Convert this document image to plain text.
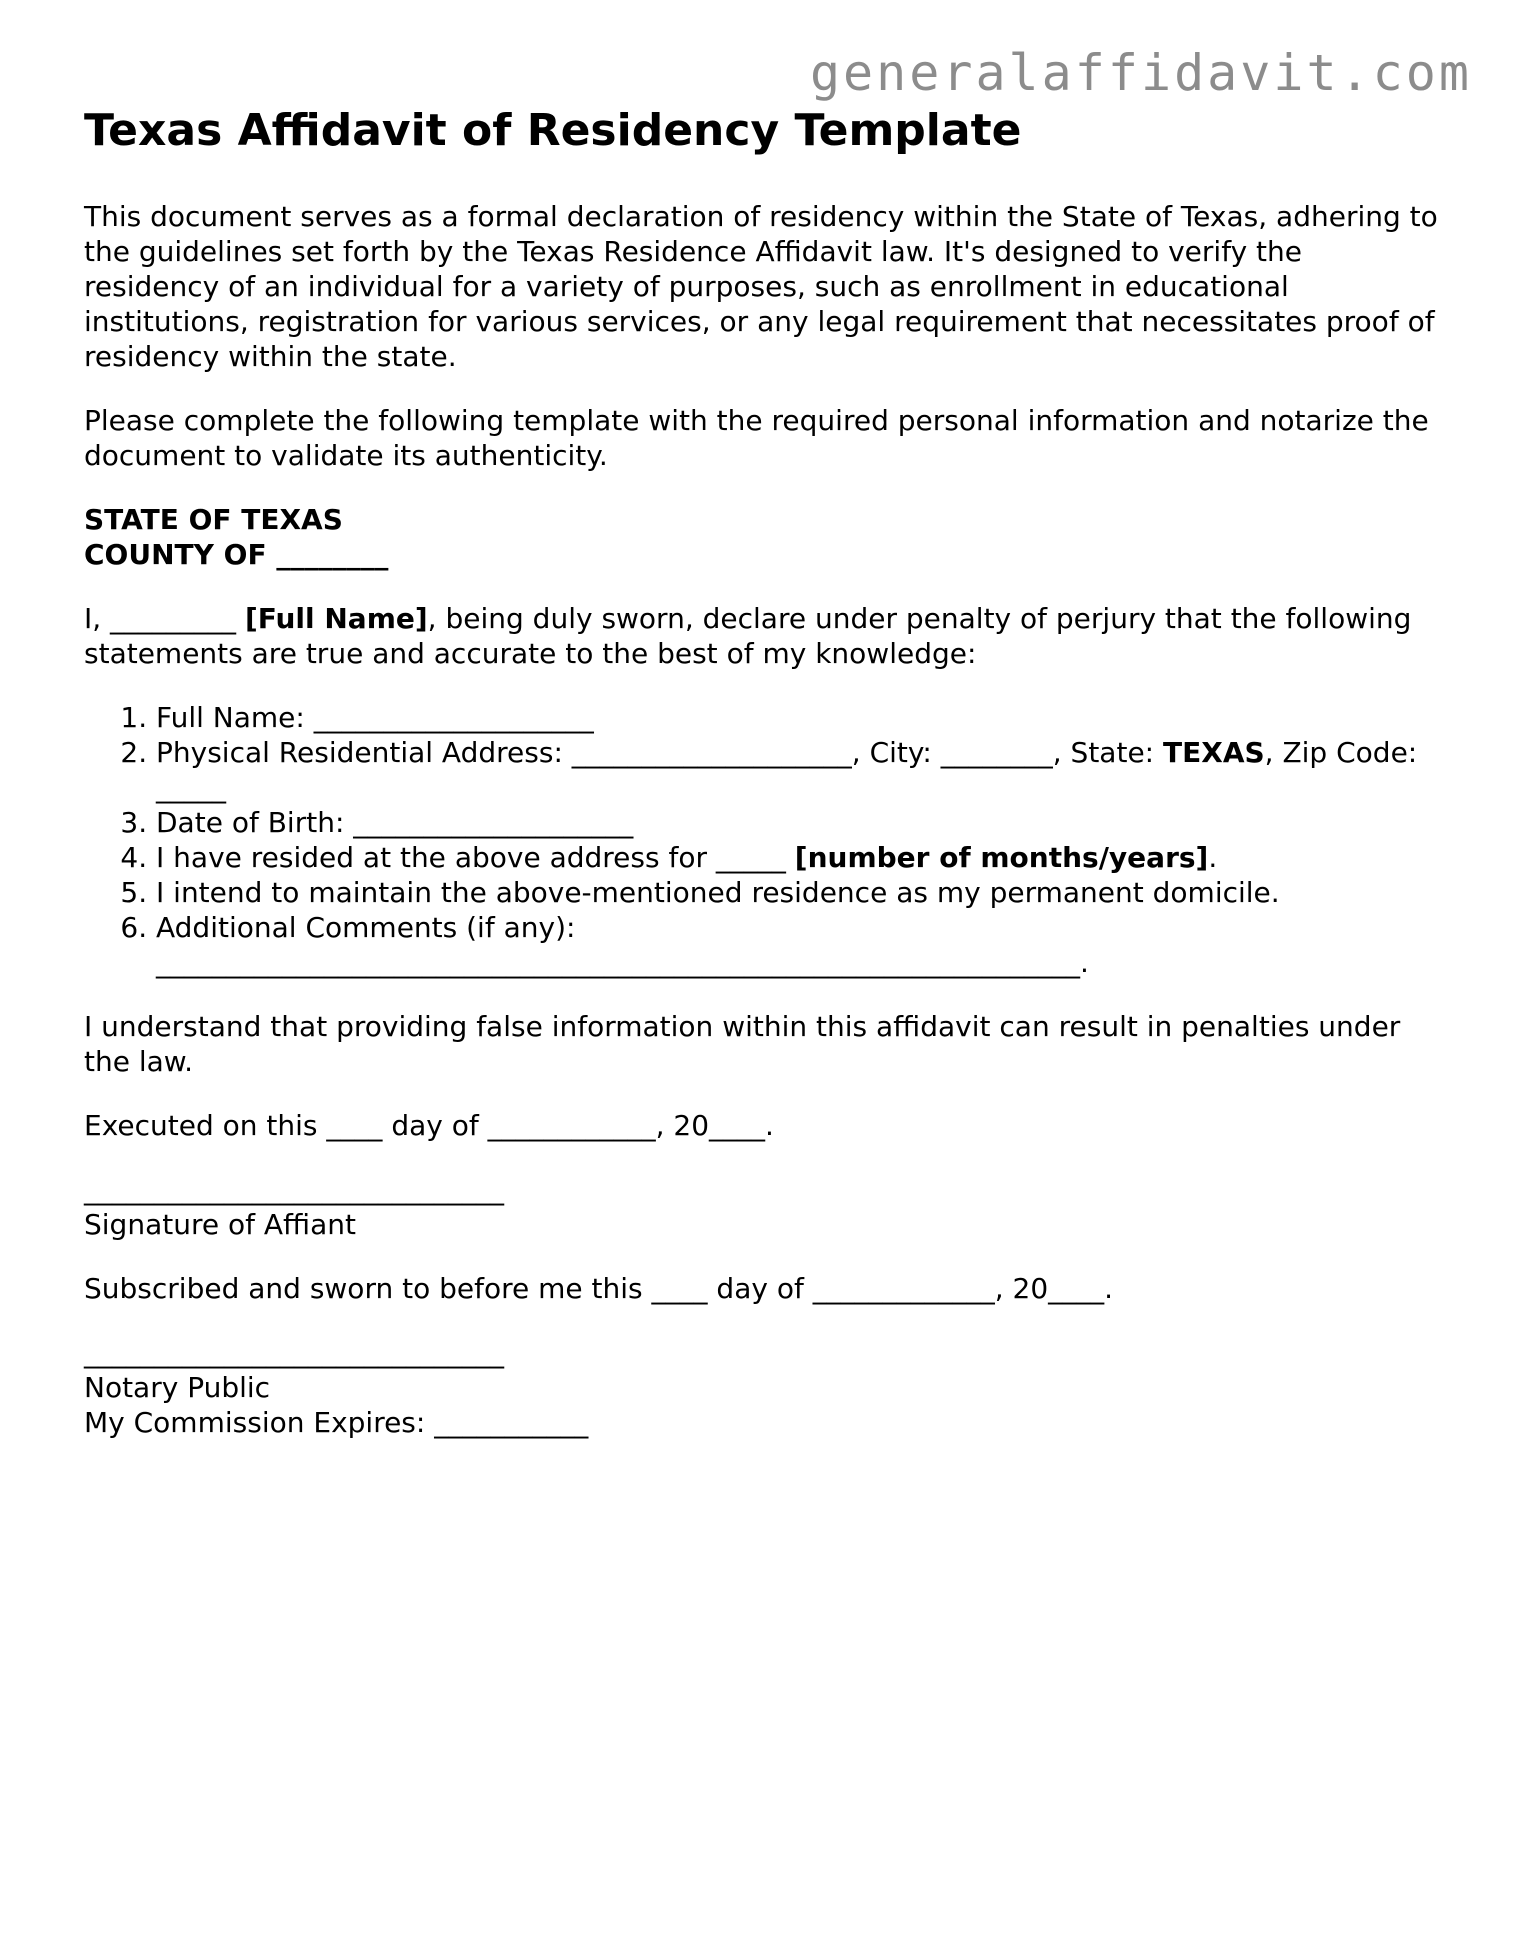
generalaffidavit.com
Texas Affidavit of Residency Template

This document serves as a formal declaration of residency within the State of Texas, adhering to the guidelines set forth by the Texas Residence Affidavit law. It's designed to verify the residency of an individual for a variety of purposes, such as enrollment in educational institutions, registration for various services, or any legal requirement that necessitates proof of residency within the state.

Please complete the following template with the required personal information and notarize the document to validate its authenticity.

STATE OF TEXAS

COUNTY OF ________

I, _________ [Full Name], being duly sworn, declare under penalty of perjury that the following statements are true and accurate to the best of my knowledge:

1. Full Name: ____________________
2. Physical Residential Address: ____________________, City: ________, State: TEXAS, Zip Code: _____
3. Date of Birth: ____________________
4. I have resided at the above address for _____ [number of months/years].
5. I intend to maintain the above-mentioned residence as my permanent domicile.
6. Additional Comments (if any): __________________________________________________________________.

I understand that providing false information within this affidavit can result in penalties under the law.

Executed on this ____ day of ____________, 20____.

______________________________

Signature of Affiant

Subscribed and sworn to before me this ____ day of _____________, 20____.

______________________________

Notary Public

My Commission Expires: ___________
